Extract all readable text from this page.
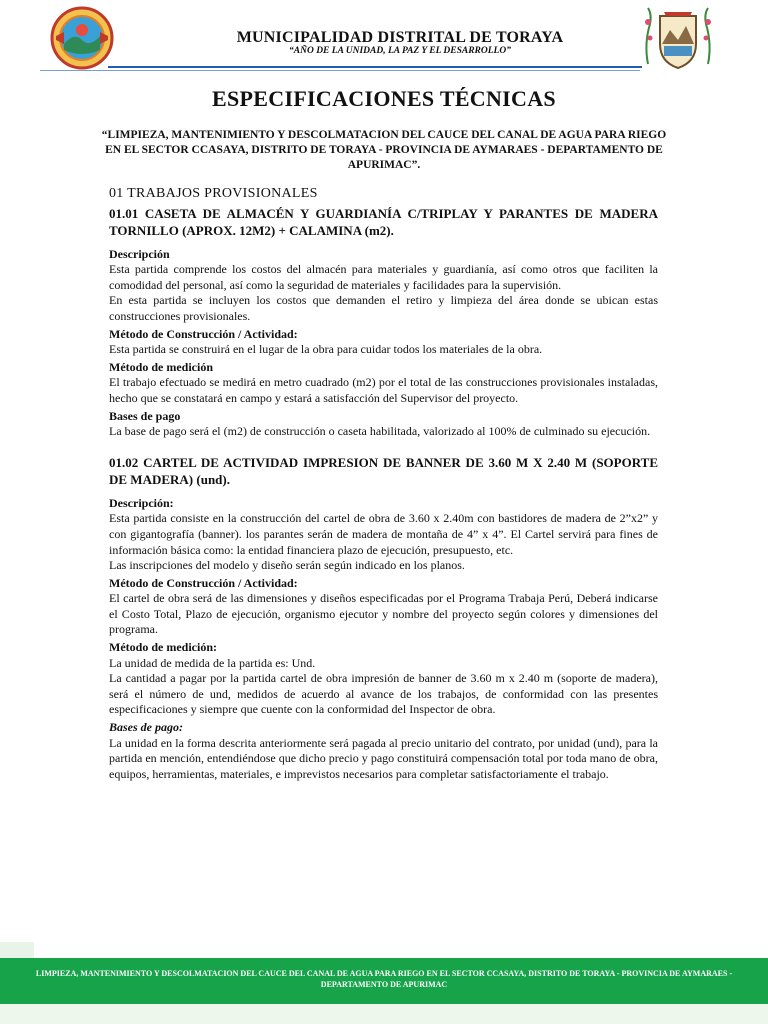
MUNICIPALIDAD DISTRITAL DE TORAYA
“AÑO DE LA UNIDAD, LA PAZ Y EL DESARROLLO”
ESPECIFICACIONES TÉCNICAS
“LIMPIEZA, MANTENIMIENTO Y DESCOLMATACION DEL CAUCE DEL CANAL DE AGUA PARA RIEGO EN EL SECTOR CCASAYA, DISTRITO DE TORAYA - PROVINCIA DE AYMARAES - DEPARTAMENTO DE APURIMAC”.
01 TRABAJOS PROVISIONALES
01.01 CASETA DE ALMACÉN Y GUARDIANÍA C/TRIPLAY Y PARANTES DE MADERA TORNILLO (APROX. 12M2) + CALAMINA (m2).
Descripción

Esta partida comprende los costos del almacén para materiales y guardianía, así como otros que faciliten la comodidad del personal, así como la seguridad de materiales y facilidades para la supervisión.

En esta partida se incluyen los costos que demanden el retiro y limpieza del área donde se ubican estas construcciones provisionales.

Método de Construcción / Actividad:

Esta partida se construirá en el lugar de la obra para cuidar todos los materiales de la obra.

Método de medición

El trabajo efectuado se medirá en metro cuadrado (m2) por el total de las construcciones provisionales instaladas, hecho que se constatará en campo y estará a satisfacción del Supervisor del proyecto.

Bases de pago

La base de pago será el (m2) de construcción o caseta habilitada, valorizado al 100% de culminado su ejecución.

01.02 CARTEL DE ACTIVIDAD IMPRESION DE BANNER DE 3.60 M X 2.40 M (SOPORTE DE MADERA) (und).
Descripción:

Esta partida consiste en la construcción del cartel de obra de 3.60 x 2.40m con bastidores de madera de 2”x2” y con gigantografía (banner). los parantes serán de madera de montaña de 4” x 4”. El Cartel servirá para fines de información básica como: la entidad financiera plazo de ejecución, presupuesto, etc.

Las inscripciones del modelo y diseño serán según indicado en los planos.

Método de Construcción / Actividad:

El cartel de obra será de las dimensiones y diseños especificadas por el Programa Trabaja Perú, Deberá indicarse el Costo Total, Plazo de ejecución, organismo ejecutor y nombre del proyecto según colores y dimensiones del programa.

Método de medición:

La unidad de medida de la partida es: Und.

La cantidad a pagar por la partida cartel de obra impresión de banner de 3.60 m x 2.40 m (soporte de madera), será el número de und, medidos de acuerdo al avance de los trabajos, de conformidad con las presentes especificaciones y siempre que cuente con la conformidad del Inspector de obra.

Bases de pago:

La unidad en la forma descrita anteriormente será pagada al precio unitario del contrato, por unidad (und), para la partida en mención, entendiéndose que dicho precio y pago constituirá compensación total por toda mano de obra, equipos, herramientas, materiales, e imprevistos necesarios para completar satisfactoriamente el trabajo.

LIMPIEZA, MANTENIMIENTO Y DESCOLMATACION DEL CAUCE DEL CANAL DE AGUA PARA RIEGO EN EL SECTOR CCASAYA, DISTRITO DE TORAYA - PROVINCIA DE AYMARAES - DEPARTAMENTO DE APURIMAC
